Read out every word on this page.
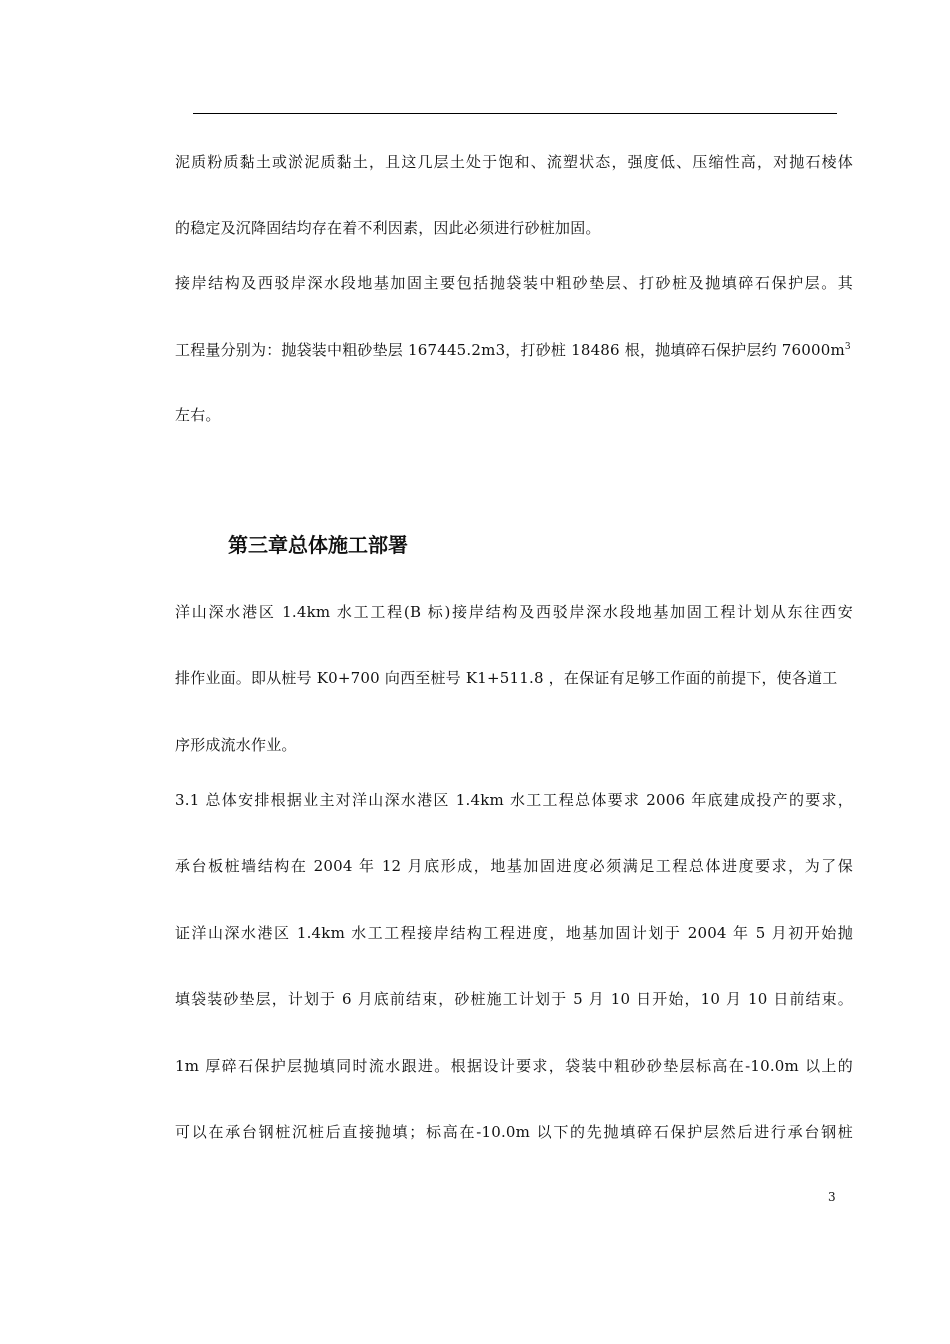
泥质粉质黏土或淤泥质黏土，且这几层土处于饱和、流塑状态，强度低、压缩性高，对抛石棱体
的稳定及沉降固结均存在着不利因素，因此必须进行砂桩加固。
接岸结构及西驳岸深水段地基加固主要包括抛袋装中粗砂垫层、打砂桩及抛填碎石保护层。其
工程量分别为：抛袋装中粗砂垫层 167445.2m3，打砂桩 18486 根，抛填碎石保护层约 $76000m^3$
左右。
第三章总体施工部署
洋山深水港区 1.4km 水工工程(B 标)接岸结构及西驳岸深水段地基加固工程计划从东往西安
排作业面。即从桩号 K0+700 向西至桩号 K1+511.8 ，在保证有足够工作面的前提下，使各道工
序形成流水作业。
3.1 总体安排根据业主对洋山深水港区 1.4km 水工工程总体要求 2006 年底建成投产的要求，
承台板桩墙结构在 2004 年 12 月底形成，地基加固进度必须满足工程总体进度要求，为了保
证洋山深水港区 1.4km 水工工程接岸结构工程进度，地基加固计划于 2004 年 5 月初开始抛
填袋装砂垫层，计划于 6 月底前结束，砂桩施工计划于 5 月 10 日开始，10 月 10 日前结束。
1m 厚碎石保护层抛填同时流水跟进。根据设计要求，袋装中粗砂砂垫层标高在-10.0m 以上的
可以在承台钢桩沉桩后直接抛填；标高在-10.0m 以下的先抛填碎石保护层然后进行承台钢桩
3
